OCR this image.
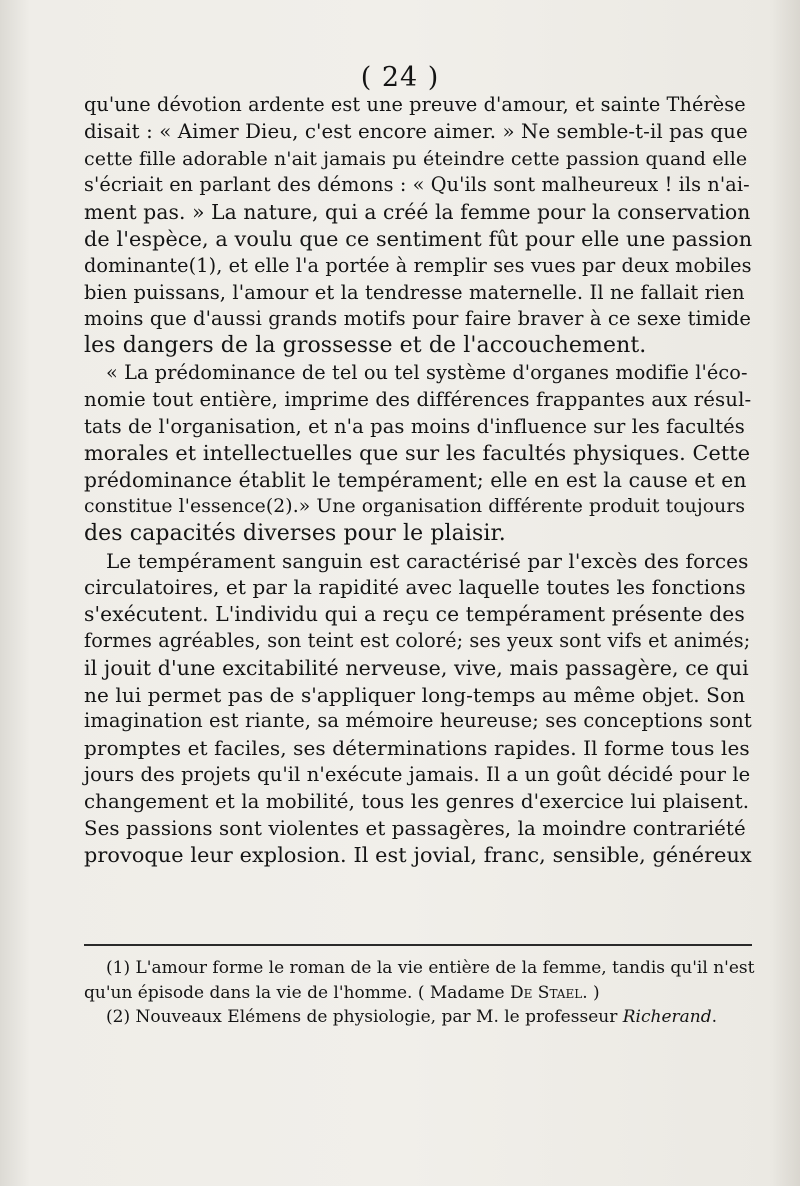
( 24 )
qu'une dévotion ardente est une preuve d'amour, et sainte Thérèse
disait : « Aimer Dieu, c'est encore aimer. » Ne semble-t-il pas que
cette fille adorable n'ait jamais pu éteindre cette passion quand elle
s'écriait en parlant des démons : « Qu'ils sont malheureux ! ils n'ai-
ment pas. » La nature, qui a créé la femme pour la conservation
de l'espèce, a voulu que ce sentiment fût pour elle une passion
dominante(1), et elle l'a portée à remplir ses vues par deux mobiles
bien puissans, l'amour et la tendresse maternelle. Il ne fallait rien
moins que d'aussi grands motifs pour faire braver à ce sexe timide
les dangers de la grossesse et de l'accouchement.
« La prédominance de tel ou tel système d'organes modifie l'éco-
nomie tout entière, imprime des différences frappantes aux résul-
tats de l'organisation, et n'a pas moins d'influence sur les facultés
morales et intellectuelles que sur les facultés physiques. Cette
prédominance établit le tempérament; elle en est la cause et en
constitue l'essence(2).» Une organisation différente produit toujours
des capacités diverses pour le plaisir.
Le tempérament sanguin est caractérisé par l'excès des forces
circulatoires, et par la rapidité avec laquelle toutes les fonctions
s'exécutent. L'individu qui a reçu ce tempérament présente des
formes agréables, son teint est coloré; ses yeux sont vifs et animés;
il jouit d'une excitabilité nerveuse, vive, mais passagère, ce qui
ne lui permet pas de s'appliquer long-temps au même objet. Son
imagination est riante, sa mémoire heureuse; ses conceptions sont
promptes et faciles, ses déterminations rapides. Il forme tous les
jours des projets qu'il n'exécute jamais. Il a un goût décidé pour le
changement et la mobilité, tous les genres d'exercice lui plaisent.
Ses passions sont violentes et passagères, la moindre contrariété
provoque leur explosion. Il est jovial, franc, sensible, généreux
(1) L'amour forme le roman de la vie entière de la femme, tandis qu'il n'est
qu'un épisode dans la vie de l'homme. ( Madame De Stael. )
(2) Nouveaux Elémens de physiologie, par M. le professeur Richerand.
